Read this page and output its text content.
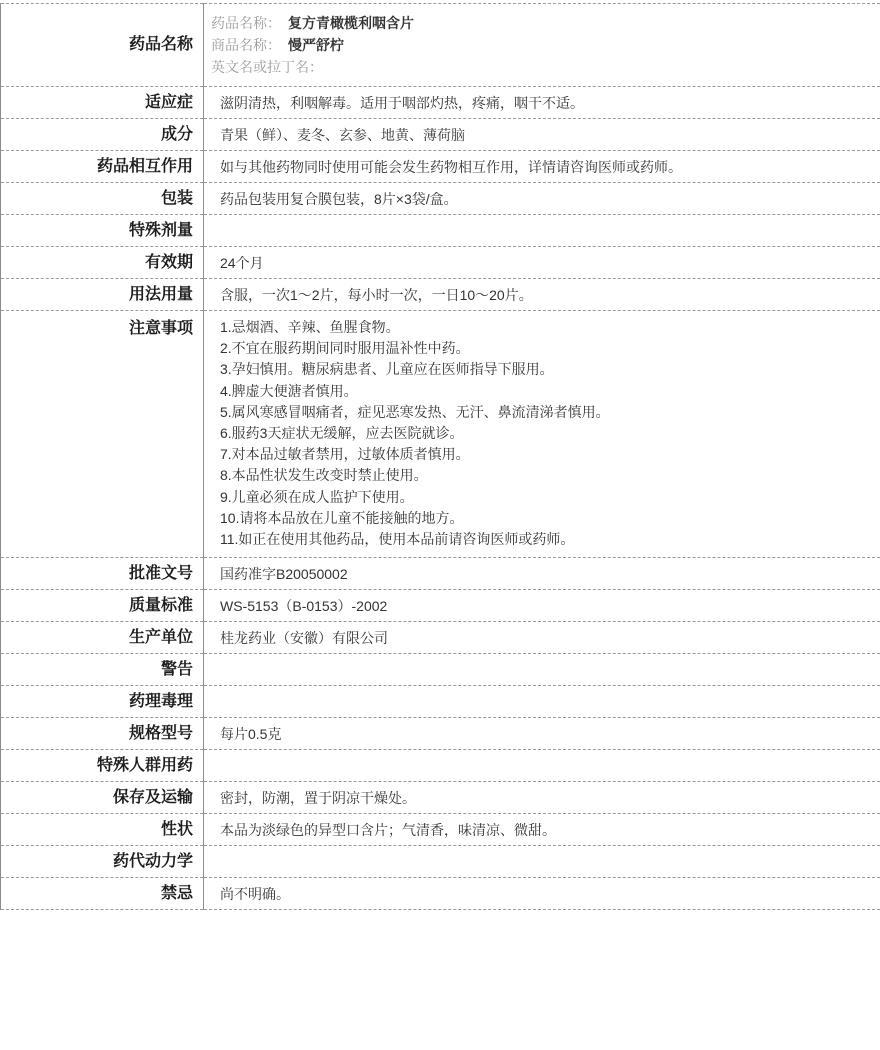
药品名称	药品名称： 复方青橄榄利咽含片
商品名称： 慢严舒柠
英文名或拉丁名：

适应症	滋阴清热，利咽解毒。适用于咽部灼热，疼痛，咽干不适。
成分	青果（鲜）、麦冬、玄参、地黄、薄荷脑
药品相互作用	如与其他药物同时使用可能会发生药物相互作用，详情请咨询医师或药师。
包装	药品包装用复合膜包装，8片×3袋/盒。
特殊剂量	
有效期	24个月
用法用量	含服，一次1～2片，每小时一次，一日10～20片。
注意事项	1.忌烟酒、辛辣、鱼腥食物。
2.不宜在服药期间同时服用温补性中药。
3.孕妇慎用。糖尿病患者、儿童应在医师指导下服用。
4.脾虚大便溏者慎用。
5.属风寒感冒咽痛者，症见恶寒发热、无汗、鼻流清涕者慎用。
6.服药3天症状无缓解，应去医院就诊。
7.对本品过敏者禁用，过敏体质者慎用。
8.本品性状发生改变时禁止使用。
9.儿童必须在成人监护下使用。
10.请将本品放在儿童不能接触的地方。
11.如正在使用其他药品，使用本品前请咨询医师或药师。

批准文号	国药准字B20050002
质量标准	WS-5153（B-0153）-2002
生产单位	桂龙药业（安徽）有限公司
警告	
药理毒理	
规格型号	每片0.5克
特殊人群用药	
保存及运输	密封，防潮，置于阴凉干燥处。
性状	本品为淡绿色的异型口含片；气清香，味清凉、微甜。
药代动力学	
禁忌	尚不明确。
